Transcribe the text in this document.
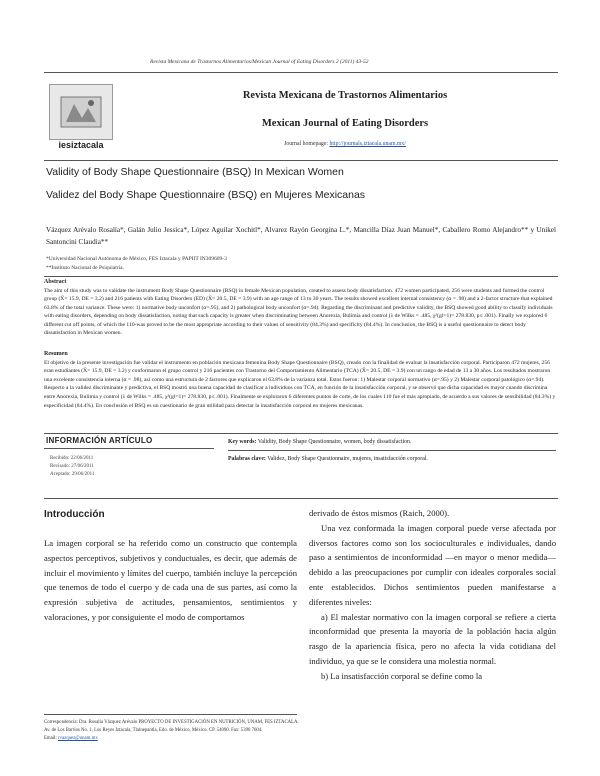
Revista Mexicana de Trastornos Alimentarios/Mexican Journal of Eating Disorders 2 (2011) 43-52
iesiztacala
Revista Mexicana de Trastornos Alimentarios
Mexican Journal of Eating Disorders
Journal homepage: http://journals.iztacala.unam.mx/
Validity of Body Shape Questionnaire (BSQ) In Mexican Women
Validez del Body Shape Questionnaire (BSQ) en Mujeres Mexicanas
Vázquez Arévalo Rosalía*, Galán Julio Jessica*, López Aguilar Xochitl*, Alvarez Rayón Georgina L.*, Mancilla Díaz Juan Manuel*, Caballero Romo Alejandro** y Unikel Santoncini Claudia**
*Universidad Nacional Autónoma de México, FES Iztacala y PAPIIT IN309609-3
**Instituto Nacional de Psiquiatría.
Abstract
The aim of this study was to validate the instrument Body Shape Questionnaire (BSQ) in female Mexican population, created to assess body dissatisfaction. 472 women participated, 256 were students and formed the control group (X̄= 15.9, DE = 3.2) and 216 patients with Eating Disorders (ED) (X̄= 20.5, DE = 3.9) with an age range of 13 to 30 years. The results showed excellent internal consistency (α = .98) and a 2-factor structure that explained 63.8% of the total variance. These were: 1) normative body unconfort (α=.95), and 2) pathological body unconfort (α=.94). Regarding the discriminant and predictive validity, the BSQ showed good ability to classify individuals with eating disorders, depending on body dissatisfaction, noting that such capacity is greater when discriminating between Anorexia, Bulimia and control (λ de Wilks = .485, χ²(gl=1)= 278.830, p≤ .001). Finally we explored 6 different cut off points, of which the 110-was proved to be the most appropriate according to their values of sensitivity (84.3%) and specificity (84.4%). In conclusion, the BSQ is a useful questionnaire to detect body dissatisfaction in Mexican women.
Resumen
El objetivo de la presente investigación fue validar el instrumento en población mexicana femenina Body Shape Questionnaire (BSQ), creado con la finalidad de evaluar la insatisfacción corporal. Participaron 472 mujeres, 256 eran estudiantes (X̄= 15.9, DE = 3.2) y conformaron el grupo control y 216 pacientes con Trastorno del Comportamiento Alimentario (TCA) (X̄= 20.5, DE = 3.9) con un rango de edad de 13 a 30 años. Los resultados mostraron una excelente consistencia interna (α = .98), así como una estructura de 2 factores que explicaron el 63.8% de la varianza total. Estos fueron: 1) Malestar corporal normativo (α=.95) y 2) Malestar corporal patológico (α=.94). Respecto a la validez discriminante y predictiva, el BSQ mostró una buena capacidad de clasificar a individuos con TCA, en función de la insatisfacción corporal, y se observó que dicha capacidad es mayor cuando discrimina entre Anorexia, Bulimia y control (λ de Wilks = .485, χ²(gl=1)= 278.830, p≤ .001). Finalmente se exploraron 6 diferentes puntos de corte, de los cuales 110 fue el más apropiado, de acuerdo a sus valores de sensibilidad (84.3%) y especificidad (84.4%). En conclusión el BSQ es un cuestionario de gran utilidad para detectar la insatisfacción corporal en mujeres mexicanas.
INFORMACIÓN ARTÍCULO
Recibido: 22/06/2011
Revisado: 27/06/2011
Aceptado: 29/06/2011
Key words: Validity, Body Shape Questionnaire, women, body dissatisfaction.
Palabras clave: Validez, Body Shape Questionnaire, mujeres, insatisfacción corporal.
Introducción
La imagen corporal se ha referido como un constructo que contempla aspectos perceptivos, subjetivos y conductuales, es decir, que además de incluir el movimiento y límites del cuerpo, también incluye la percepción que tenemos de todo el cuerpo y de cada una de sus partes, así como la expresión subjetiva de actitudes, pensamientos, sentimientos y valoraciones, y por consiguiente el modo de comportamos
Correspondencia: Dra. Rosalía Vázquez Arévalo PROYECTO DE INVESTIGACIÓN EN NUTRICIÓN, UNAM, FES IZTACALA. Av. de Los Barrios No. 1, Los Reyes Iztacala, Tlalnepantla, Edo. de México, México. CP. 54090. Fax: 5390 7604.
Email: rvazquez@unam.mx

derivado de éstos mismos (Raich, 2000).

Una vez conformada la imagen corporal puede verse afectada por diversos factores como son los socioculturales e individuales, dando paso a sentimientos de inconformidad —en mayor o menor medida—debido a las preocupaciones por cumplir con ideales corporales social ente establecidos. Dichos sentimientos pueden manifestarse a diferentes niveles:

a) El malestar normativo con la imagen corporal se refiere a cierta inconformidad que presenta la mayoría de la población hacia algún rasgo de la apariencia física, pero no afecta la vida cotidiana del individuo, ya que se le considera una molestia normal.

b) La insatisfacción corporal se define como la
